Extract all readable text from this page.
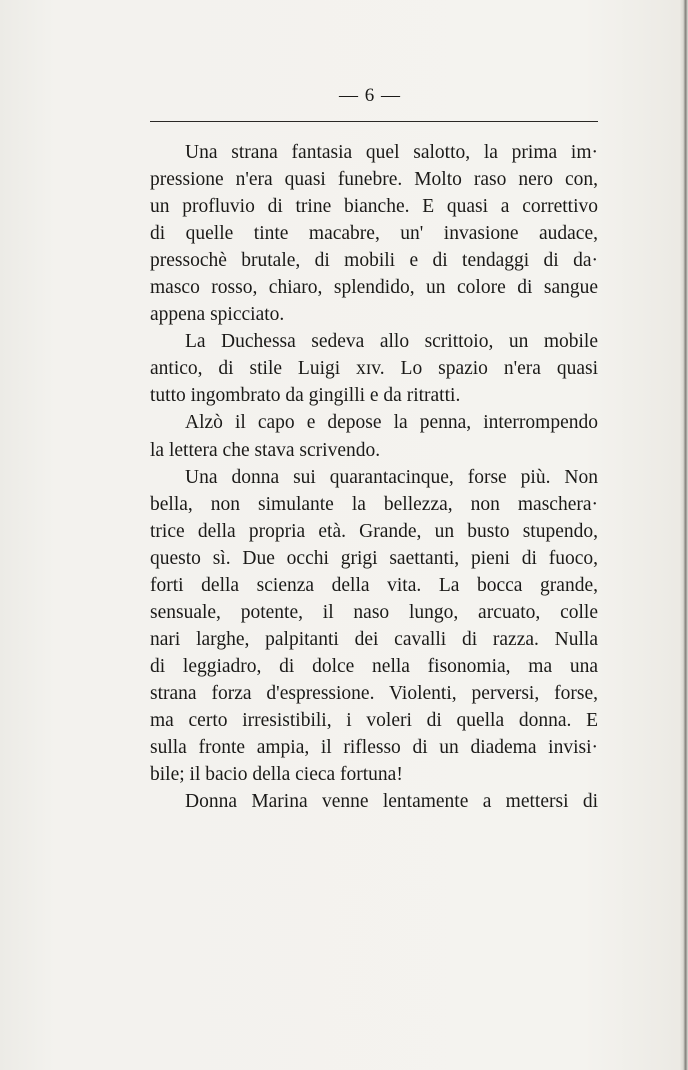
— 6 —
Una strana fantasia quel salotto, la prima im·
pressione n'era quasi funebre. Molto raso nero con,
un profluvio di trine bianche. E quasi a correttivo
di quelle tinte macabre, un' invasione audace,
pressochè brutale, di mobili e di tendaggi di da·
masco rosso, chiaro, splendido, un colore di sangue
appena spicciato.
La Duchessa sedeva allo scrittoio, un mobile
antico, di stile Luigi xɪv. Lo spazio n'era quasi
tutto ingombrato da gingilli e da ritratti.
Alzò il capo e depose la penna, interrompendo
la lettera che stava scrivendo.
Una donna sui quarantacinque, forse più. Non
bella, non simulante la bellezza, non maschera·
trice della propria età. Grande, un busto stupendo,
questo sì. Due occhi grigi saettanti, pieni di fuoco,
forti della scienza della vita. La bocca grande,
sensuale, potente, il naso lungo, arcuato, colle
nari larghe, palpitanti dei cavalli di razza. Nulla
di leggiadro, di dolce nella fisonomia, ma una
strana forza d'espressione. Violenti, perversi, forse,
ma certo irresistibili, i voleri di quella donna. E
sulla fronte ampia, il riflesso di un diadema invisi·
bile; il bacio della cieca fortuna!
Donna Marina venne lentamente a mettersi di
